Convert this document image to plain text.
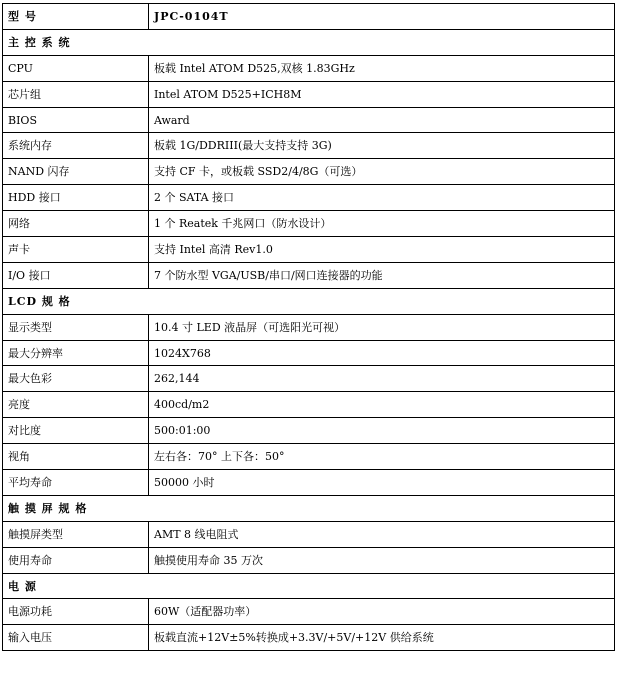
型 号	JPC-0104T
主 控 系 统	
CPU	板载 Intel ATOM D525,双核 1.83GHz
芯片组	Intel ATOM D525+ICH8M
BIOS	Award
系统内存	板载 1G/DDRIII(最大支持支持 3G)
NAND 闪存	支持 CF 卡，或板载 SSD2/4/8G（可选）
HDD 接口	2 个 SATA 接口
网络	1 个 Reatek 千兆网口（防水设计）
声卡	支持 Intel 高清 Rev1.0
I/O 接口	7 个防水型 VGA/USB/串口/网口连接器的功能
LCD 规 格	
显示类型	10.4 寸 LED 液晶屏（可选阳光可视）
最大分辨率	1024X768
最大色彩	262,144
亮度	400cd/m2
对比度	500:01:00
视角	左右各：70° 上下各：50°
平均寿命	50000 小时
触 摸 屏 规 格	
触摸屏类型	AMT 8 线电阻式
使用寿命	触摸使用寿命 35 万次
电 源	
电源功耗	60W（适配器功率）
输入电压	板载直流+12V±5%转换成+3.3V/+5V/+12V 供给系统
